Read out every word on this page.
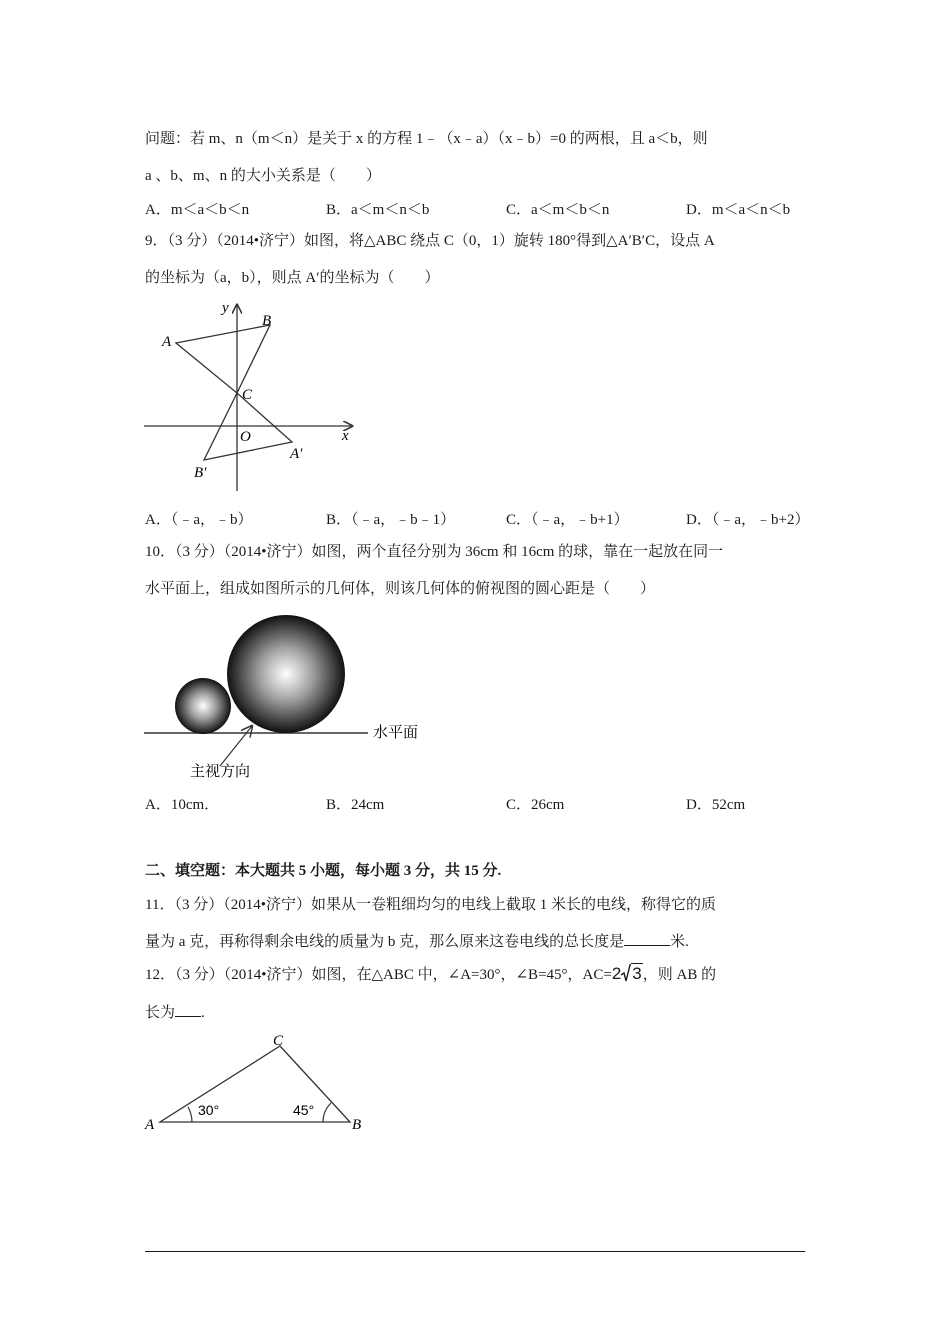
问题：若 m、n（m＜n）是关于 x 的方程 1﹣（x﹣a）（x﹣b）=0 的两根，且 a＜b，则
a 、b、m、n 的大小关系是（　　）
A．m＜a＜b＜n	B．a＜m＜n＜b	C．a＜m＜b＜n	D．m＜a＜n＜b
9．（3 分）（2014•济宁）如图，将△ABC 绕点 C（0，1）旋转 180°得到△A′B′C，设点 A
的坐标为（a，b），则点 A′的坐标为（　　）
y
x
A
B
C
O
A′
B′
A．（﹣a，﹣b）	B．（﹣a，﹣b﹣1）	C．（﹣a，﹣b+1）	D．（﹣a，﹣b+2）
10．（3 分）（2014•济宁）如图，两个直径分别为 36cm 和 16cm 的球，靠在一起放在同一
水平面上，组成如图所示的几何体，则该几何体的俯视图的圆心距是（　　）
水平面
主视方向
A．10cm．	B．24cm	C．26cm	D．52cm
二、填空题：本大题共 5 小题，每小题 3 分，共 15 分.
11．（3 分）（2014•济宁）如果从一卷粗细均匀的电线上截取 1 米长的电线，称得它的质
量为 a 克，再称得剩余电线的质量为 b 克，那么原来这卷电线的总长度是	米.
12．（3 分）（2014•济宁）如图，在△ABC 中，∠A=30°，∠B=45°，AC=2 3，则 AB 的
长为 .
A	B
C
30°	45°
